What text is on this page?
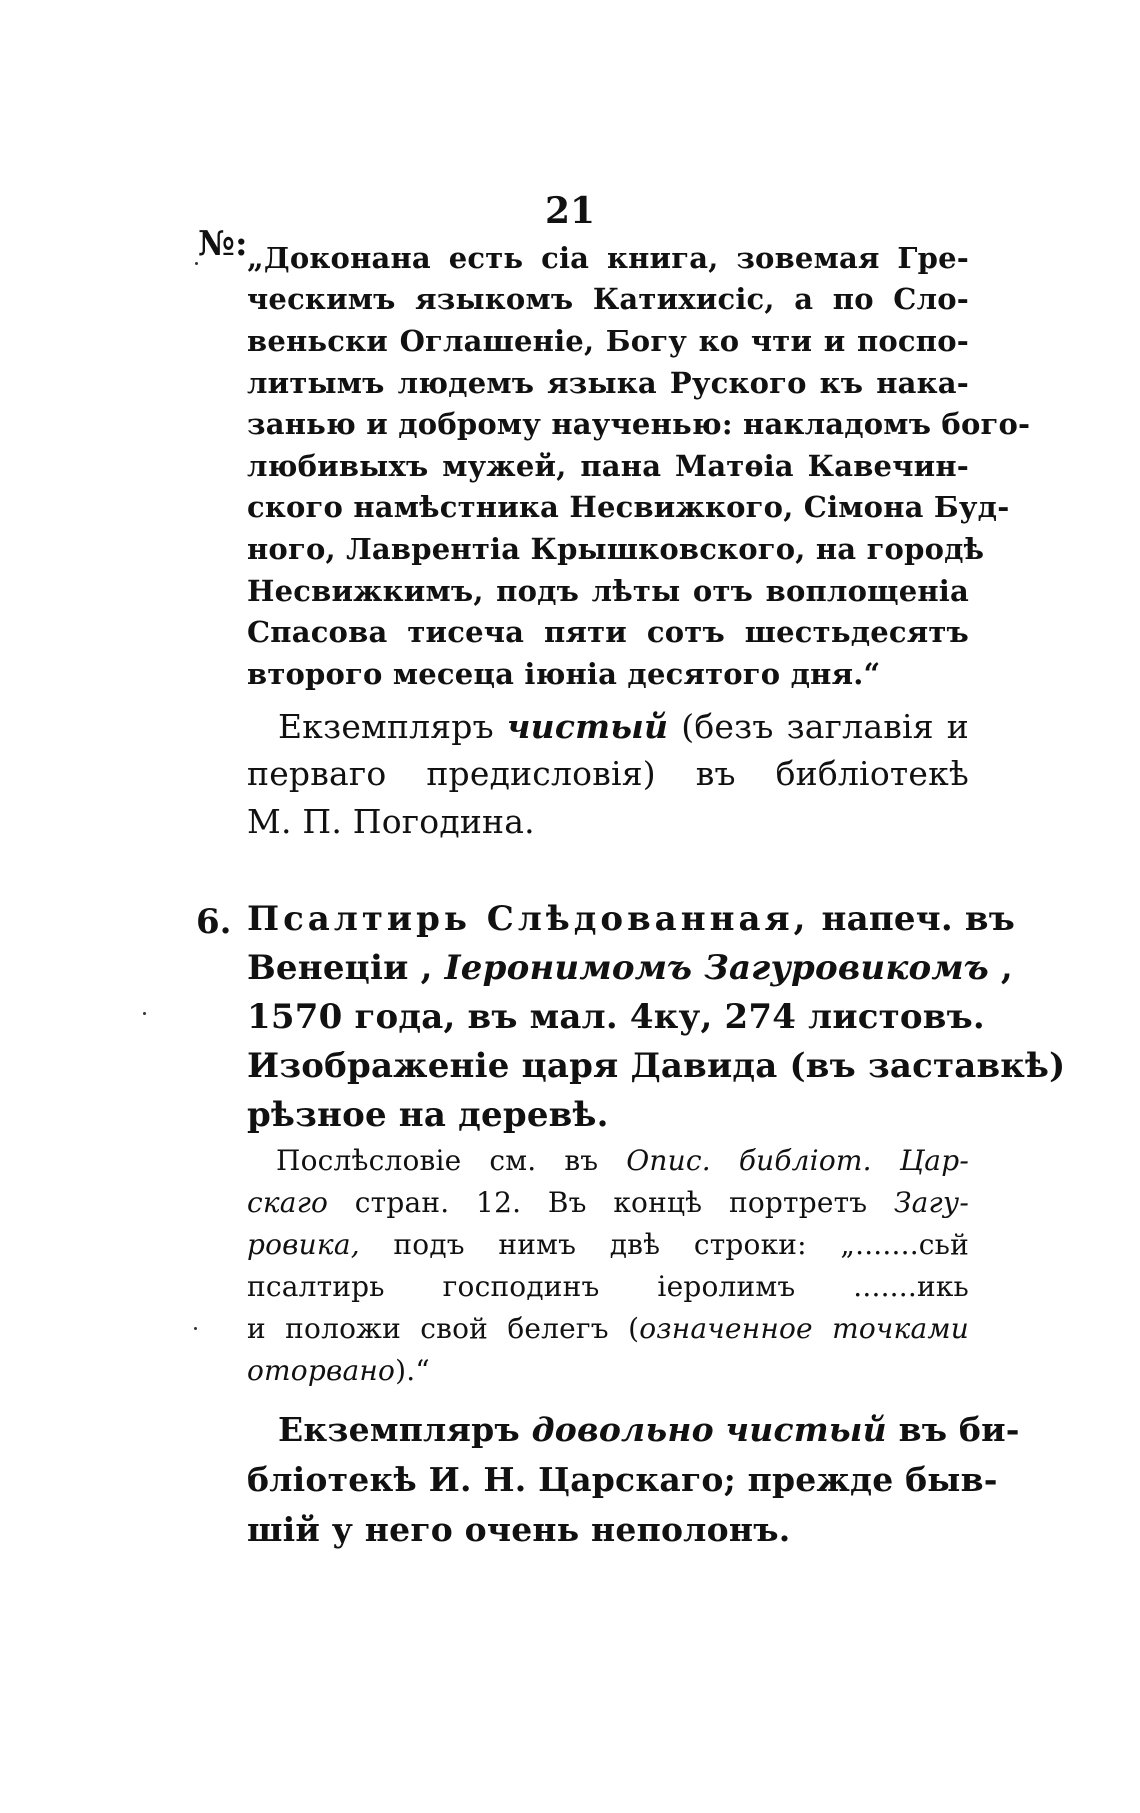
21
№: „Доконана есть сіа книга, зовемая Гре-
ческимъ языкомъ Катихисіс, а по Сло-
веньски Оглашеніе, Богу ко чти и поспо-
литымъ людемъ языка Руского къ нака-
занью и доброму наученью: накладомъ бого-
любивыхъ мужей, пана Матѳіа Кавечин-
ского намѣстника Несвижкого, Сімона Буд-
ного, Лаврентіа Крышковского, на городѣ
Несвижкимъ, подъ лѣты отъ воплощеніа
Спасова тисеча пяти сотъ шестьдесятъ
второго месеца іюніа десятого дня.“
Екземпляръ чистый (безъ заглавія и
перваго предисловія) въ библіотекѣ
М. П. Погодина.
6. Псалтирь Слѣдованная, напеч. въ
Венеціи , Іеронимомъ Загуровикомъ ,
1570 года, въ мал. 4ку, 274 листовъ.
Изображеніе царя Давида (въ заставкѣ)
рѣзное на деревѣ.
Послѣсловіе см. въ Опис. библіот. Цар-
скаго стран. 12. Въ концѣ портретъ Загу-
ровика, подъ нимъ двѣ строки: „.......сьй
псалтирь господинъ іеролимъ .......икь
и положи свой белегъ (означенное точками
оторвано).“
Екземпляръ довольно чистый въ би-
бліотекѣ И. Н. Царскаго; прежде быв-
шій у него очень неполонъ.
